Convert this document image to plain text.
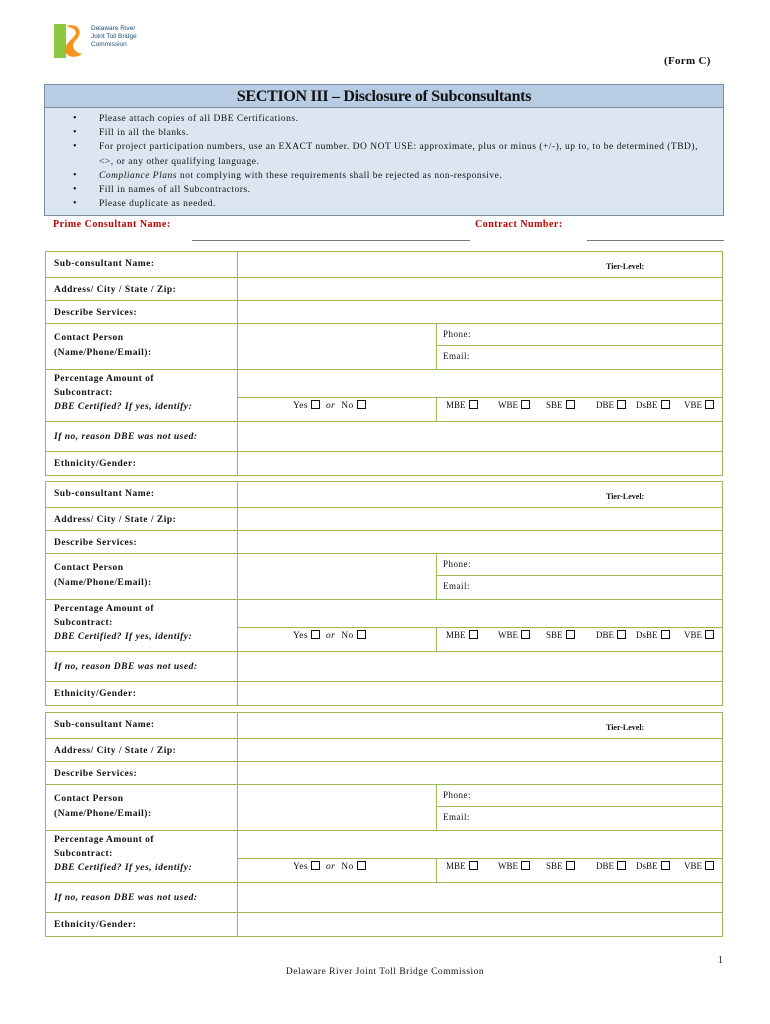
Delaware River
Joint Toll Bridge
Commission
(Form C)
SECTION III – Disclosure of Subconsultants
• Please attach copies of all DBE Certifications.
• Fill in all the blanks.
• For project participation numbers, use an EXACT number. DO NOT USE: approximate, plus or minus (+/-), up to, to be determined (TBD), <>, or any other qualifying language.
• Compliance Plans not complying with these requirements shall be rejected as non-responsive.
• Fill in names of all Subcontractors.
• Please duplicate as needed.
Prime Consultant Name:	Contract Number:
Sub-consultant Name:	Tier-Level:
Address/ City / State / Zip:
Describe Services:
Contact Person
(Name/Phone/Email):
Phone:
Email:
Percentage Amount of
Subcontract:
DBE Certified? If yes, identify:	Yes or No	MBE	WBE	SBE	DBE	DsBE	VBE
If no, reason DBE was not used:
Ethnicity/Gender:
Sub-consultant Name:	Tier-Level:
Address/ City / State / Zip:
Describe Services:
Contact Person
(Name/Phone/Email):
Phone:
Email:
Percentage Amount of
Subcontract:
DBE Certified? If yes, identify:	Yes or No	MBE	WBE	SBE	DBE	DsBE	VBE
If no, reason DBE was not used:
Ethnicity/Gender:
Sub-consultant Name:	Tier-Level:
Address/ City / State / Zip:
Describe Services:
Contact Person
(Name/Phone/Email):
Phone:
Email:
Percentage Amount of
Subcontract:
DBE Certified? If yes, identify:	Yes or No	MBE	WBE	SBE	DBE	DsBE	VBE
If no, reason DBE was not used:
Ethnicity/Gender:
1
Delaware River Joint Toll Bridge Commission
